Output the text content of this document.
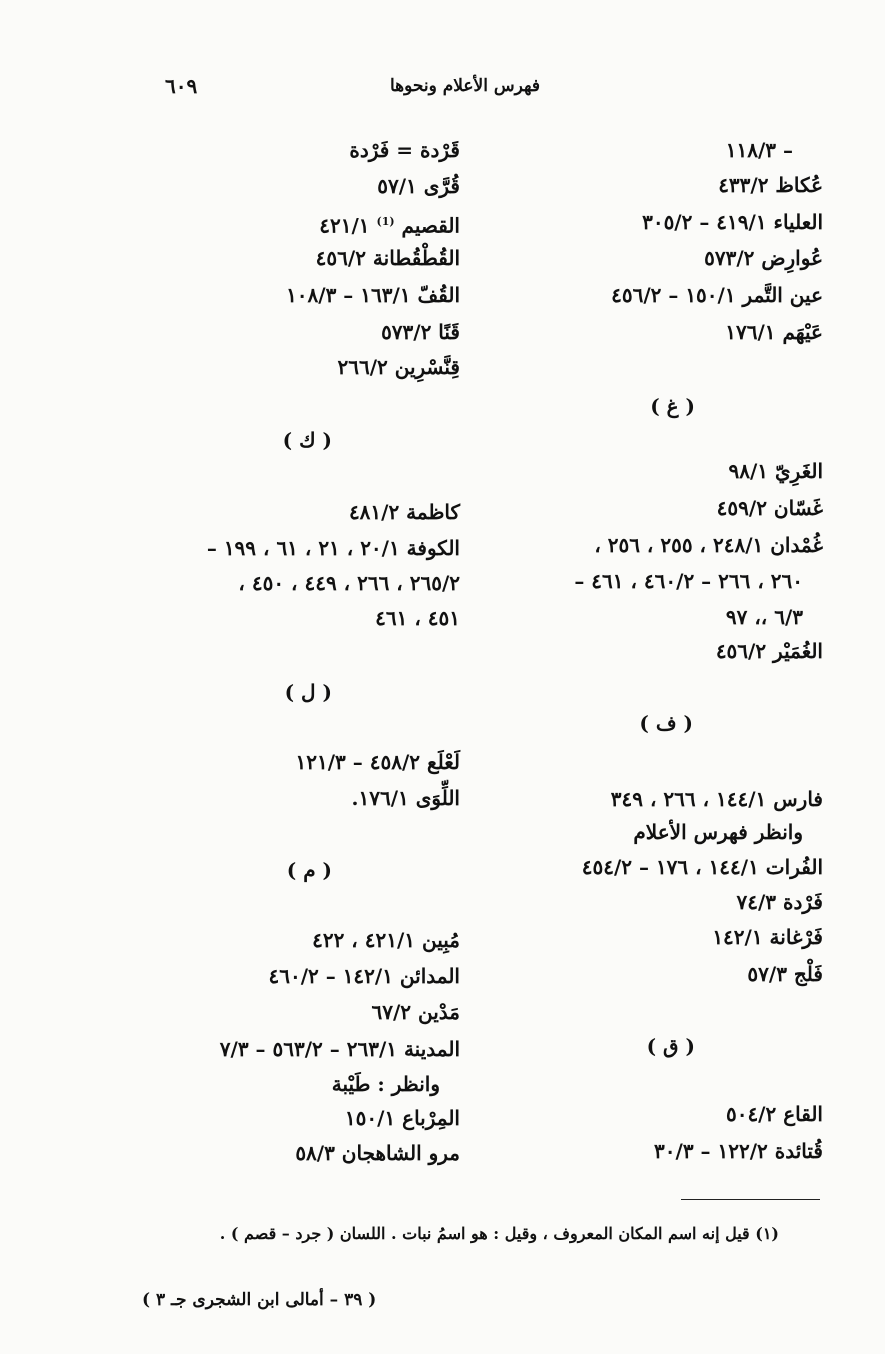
فهرس الأعلام ونحوها
٦٠٩
– ١١٨/٣
عُكاظ ٤٣٣/٢
العلياء ٤١٩/١ – ٣٠٥/٢
عُوارِض ٥٧٣/٢
عين التَّمر ١٥٠/١ – ٤٥٦/٢
عَيْهَم ١٧٦/١
( غ )
الغَرِيّ ٩٨/١
غَسّان ٤٥٩/٢
غُمْدان ٢٤٨/١ ، ٢٥٥ ، ٢٥٦ ،
٢٦٠ ، ٢٦٦ – ٤٦٠/٢ ، ٤٦١ –
٦/٣ ،، ٩٧
الغُمَيْر ٤٥٦/٢
( ف )
فارس ١٤٤/١ ، ٢٦٦ ، ٣٤٩
وانظر فهرس الأعلام
الفُرات ١٤٤/١ ، ١٧٦ – ٤٥٤/٢
فَرْدة ٧٤/٣
فَرْغانة ١٤٢/١
فَلْج ٥٧/٣
( ق )
القاع ٥٠٤/٢
قُتائدة ١٢٢/٢ – ٣٠/٣
قَرْدة = فَرْدة
قُرَّى ٥٧/١
القصيم $^{(1)}$ ٤٢١/١
القُطْقُطانة ٤٥٦/٢
القُفّ ١٦٣/١ – ١٠٨/٣
قَنًا ٥٧٣/٢
قِنَّسْرِين ٢٦٦/٢
( ك )
كاظمة ٤٨١/٢
الكوفة ٢٠/١ ، ٢١ ، ٦١ ، ١٩٩ –
٢٦٥/٢ ، ٢٦٦ ، ٤٤٩ ، ٤٥٠ ،
٤٥١ ، ٤٦١
( ل )
لَعْلَع ٤٥٨/٢ – ١٢١/٣
اللِّوَى ١٧٦/١.
( م )
مُبِين ٤٢١/١ ، ٤٢٢
المدائن ١٤٢/١ – ٤٦٠/٢
مَدْين ٦٧/٢
المدينة ٢٦٣/١ – ٥٦٣/٢ – ٧/٣
وانظر : طَيْبة
المِرْباع ١٥٠/١
مرو الشاهجان ٥٨/٣
(١) قيل إنه اسم المكان المعروف ، وقيل : هو اسمُ نبات . اللسان ( جرد – قصم ) .
( ٣٩ – أمالى ابن الشجرى جـ ٣ )
